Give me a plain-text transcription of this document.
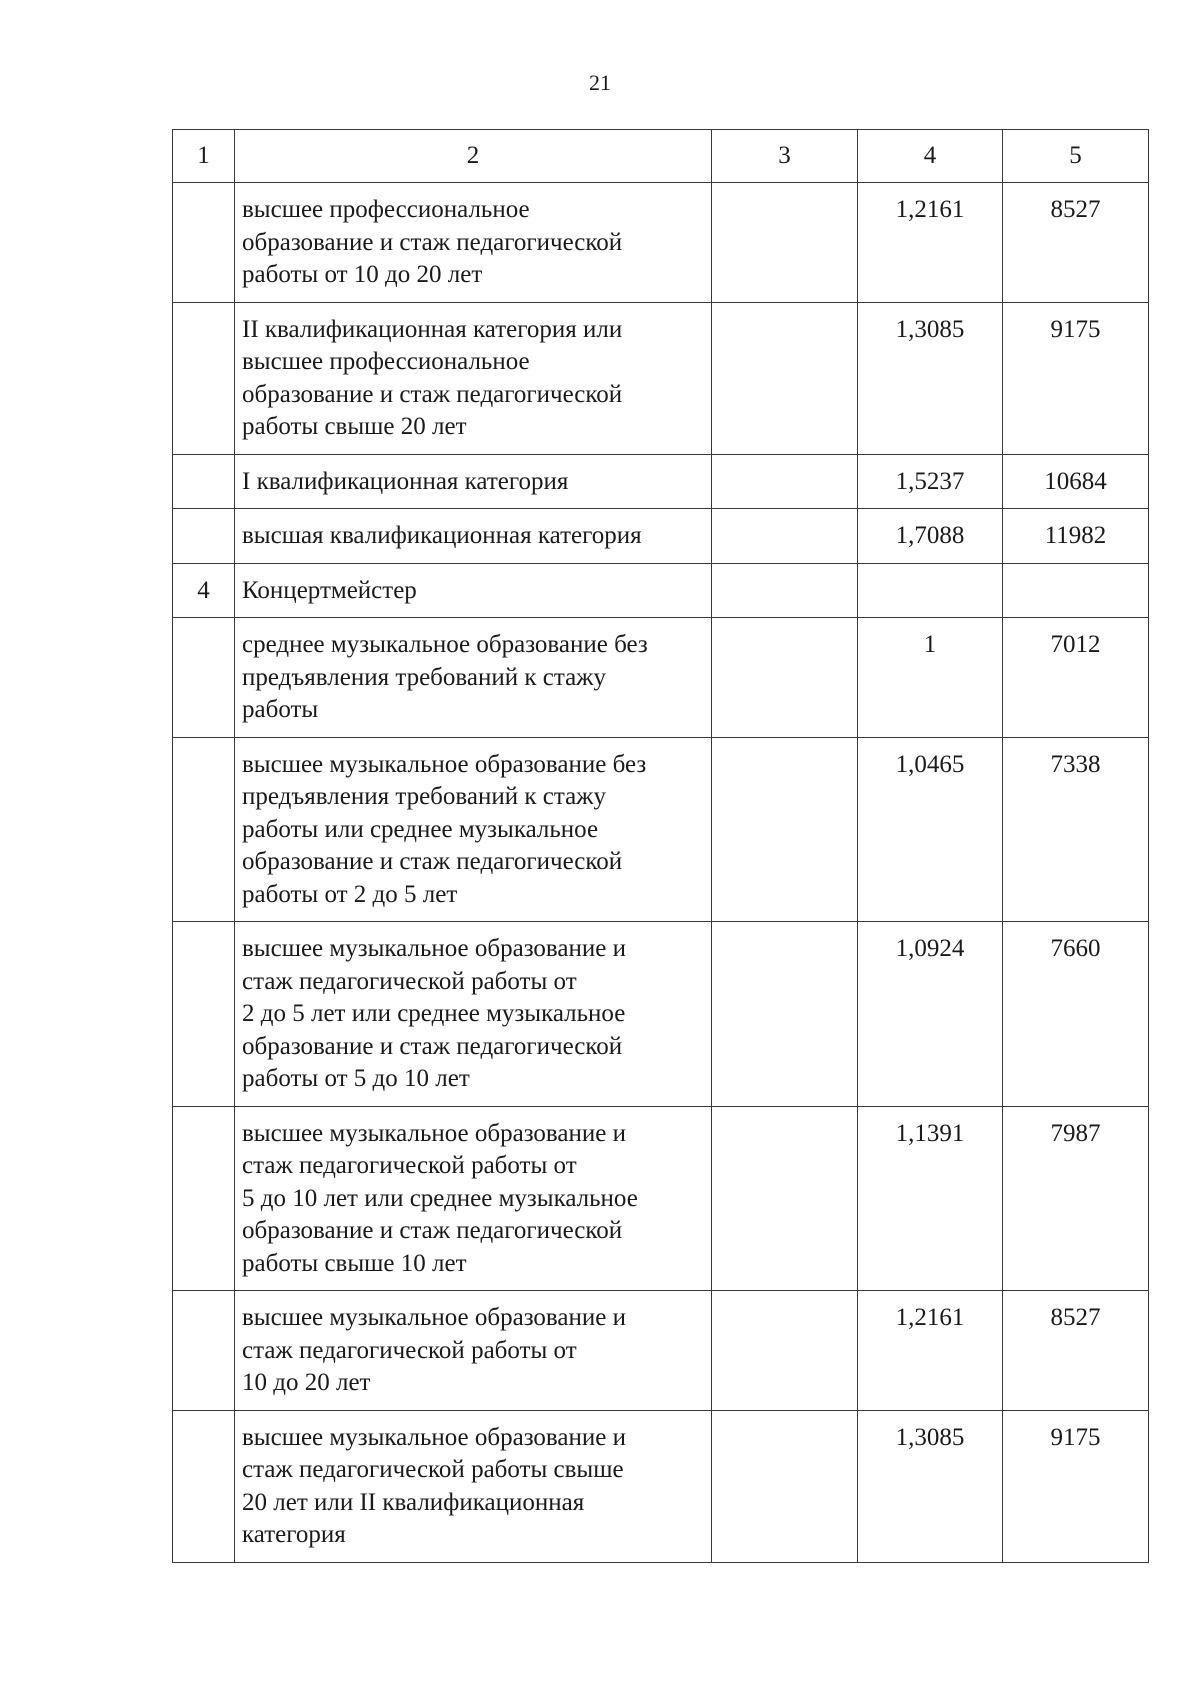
21
1	2	3	4	5
	высшее профессиональное
образование и стаж педагогической
работы от 10 до 20 лет		1,2161	8527
	II квалификационная категория или
высшее профессиональное
образование и стаж педагогической
работы свыше 20 лет		1,3085	9175
	I квалификационная категория		1,5237	10684
	высшая квалификационная категория		1,7088	11982
4	Концертмейстер			
	среднее музыкальное образование без
предъявления требований к стажу
работы		1	7012
	высшее музыкальное образование без
предъявления требований к стажу
работы или среднее музыкальное
образование и стаж педагогической
работы от 2 до 5 лет		1,0465	7338
	высшее музыкальное образование и
стаж педагогической работы от
2 до 5 лет или среднее музыкальное
образование и стаж педагогической
работы от 5 до 10 лет		1,0924	7660
	высшее музыкальное образование и
стаж педагогической работы от
5 до 10 лет или среднее музыкальное
образование и стаж педагогической
работы свыше 10 лет		1,1391	7987
	высшее музыкальное образование и
стаж педагогической работы от
10 до 20 лет		1,2161	8527
	высшее музыкальное образование и
стаж педагогической работы свыше
20 лет или II квалификационная
категория		1,3085	9175
